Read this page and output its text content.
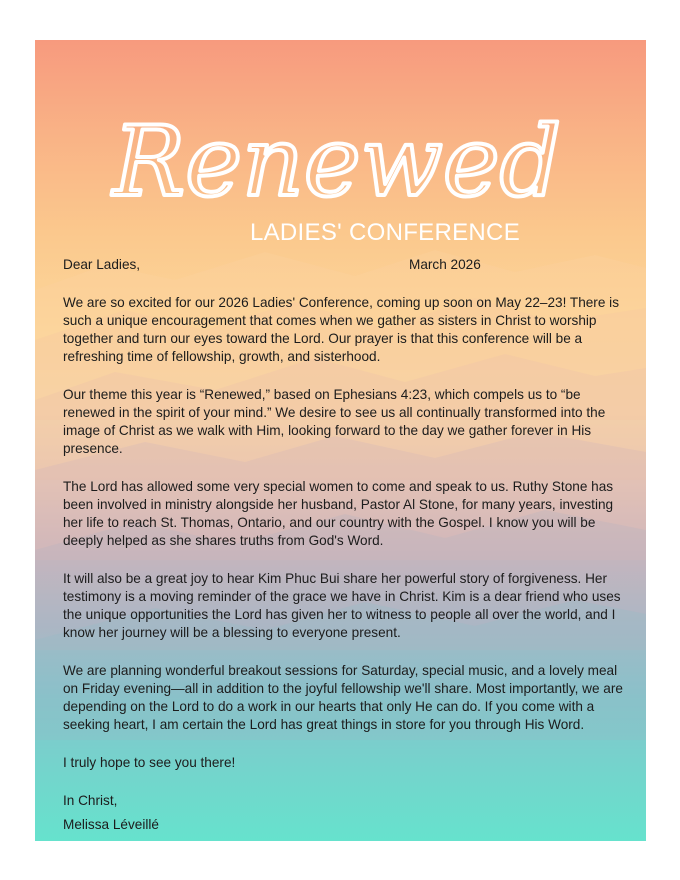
Renewed
LADIES' CONFERENCE
Dear Ladies,	March 2026

We are so excited for our 2026 Ladies' Conference, coming up soon on May 22–23! There is such a unique encouragement that comes when we gather as sisters in Christ to worship together and turn our eyes toward the Lord. Our prayer is that this conference will be a refreshing time of fellowship, growth, and sisterhood.

Our theme this year is “Renewed,” based on Ephesians 4:23, which compels us to “be renewed in the spirit of your mind.” We desire to see us all continually transformed into the image of Christ as we walk with Him, looking forward to the day we gather forever in His presence.

The Lord has allowed some very special women to come and speak to us. Ruthy Stone has been involved in ministry alongside her husband, Pastor Al Stone, for many years, investing her life to reach St. Thomas, Ontario, and our country with the Gospel. I know you will be deeply helped as she shares truths from God's Word.

It will also be a great joy to hear Kim Phuc Bui share her powerful story of forgiveness. Her testimony is a moving reminder of the grace we have in Christ. Kim is a dear friend who uses the unique opportunities the Lord has given her to witness to people all over the world, and I know her journey will be a blessing to everyone present.

We are planning wonderful breakout sessions for Saturday, special music, and a lovely meal on Friday evening—all in addition to the joyful fellowship we'll share. Most importantly, we are depending on the Lord to do a work in our hearts that only He can do. If you come with a seeking heart, I am certain the Lord has great things in store for you through His Word.

I truly hope to see you there!

In Christ,
Melissa Léveillé
